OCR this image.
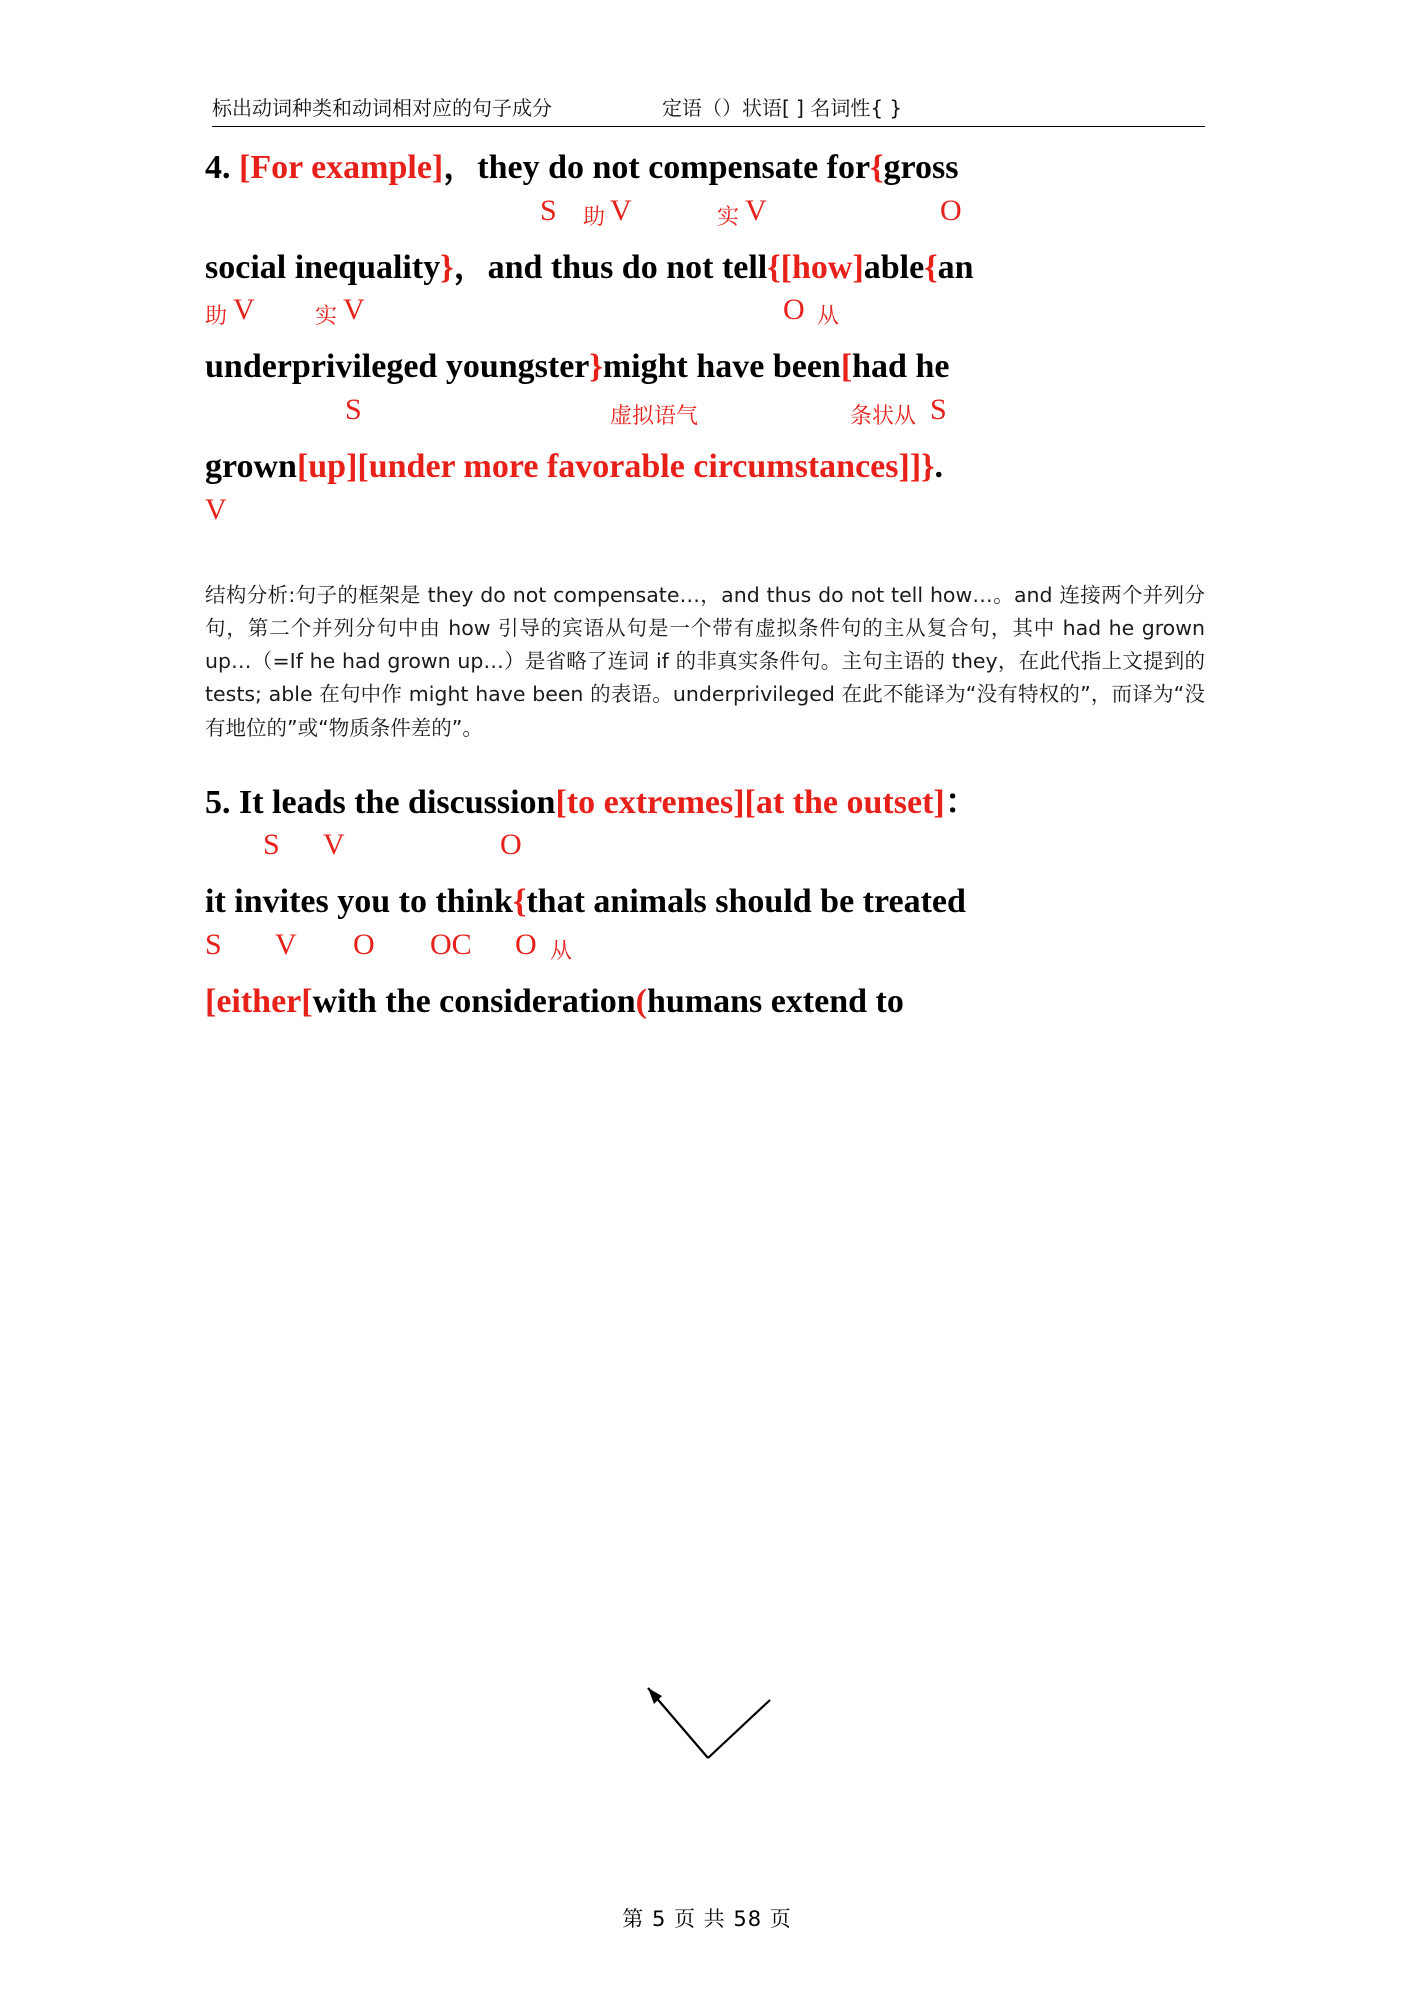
标出动词种类和动词相对应的句子成分	定语（）状语[ ] 名词性{ }

4. [For example]，they do not compensate for{gross

S 助 V	实 V	O

social inequality}，and thus do not tell{[how]able{an

助 V	实 V	O 从

underprivileged youngster}might have been[had he

S	虚拟语气	条状从 S

grown[up][under more favorable circumstances]]}.

V
结构分析:句子的框架是 they do not compensate…，and thus do not tell how…。and 连接两个并列分句，第二个并列分句中由 how 引导的宾语从句是一个带有虚拟条件句的主从复合句，其中 had he grown up…（=If he had grown up…）是省略了连词 if 的非真实条件句。主句主语的 they，在此代指上文提到的 tests; able 在句中作 might have been 的表语。underprivileged 在此不能译为“没有特权的”，而译为“没有地位的”或“物质条件差的”。

5. It leads the discussion[to extremes][at the outset]：

S V	O

it invites you to think{that animals should be treated

S V O OC O 从

[either[with the consideration(humans extend to

第 5 页 共 58 页
